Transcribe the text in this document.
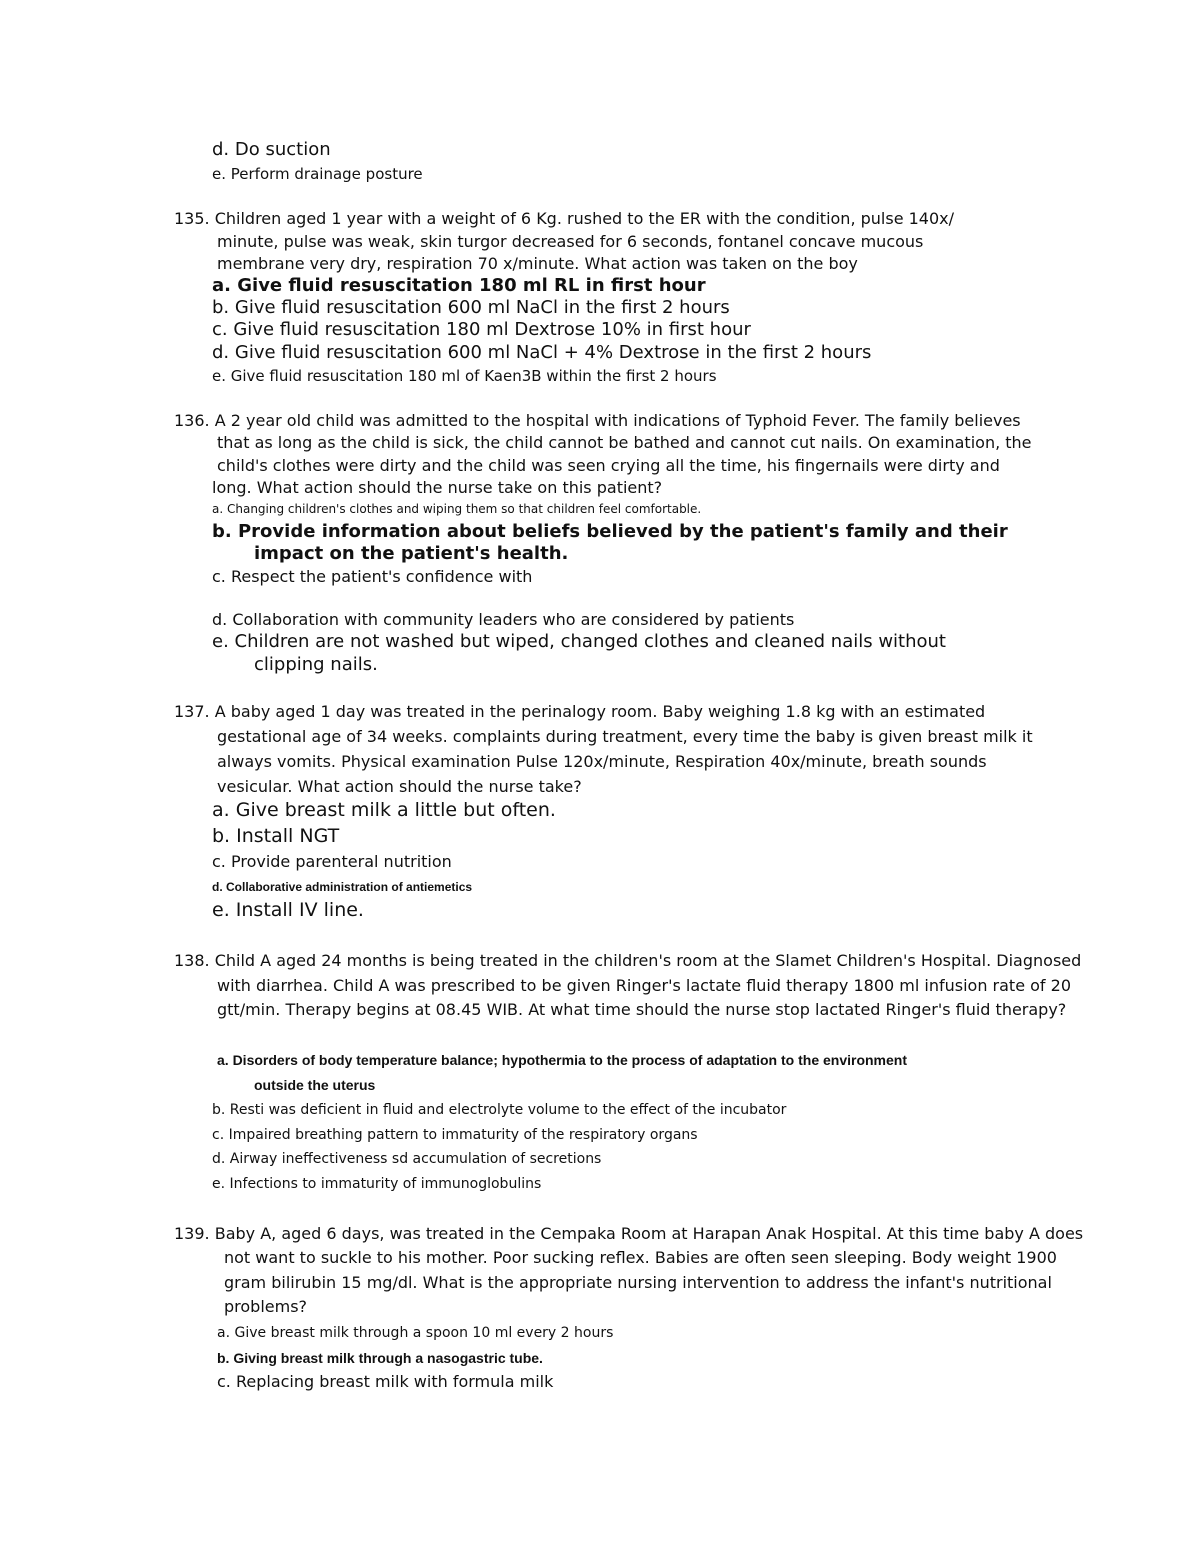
d. Do suction
e. Perform drainage posture
135. Children aged 1 year with a weight of 6 Kg. rushed to the ER with the condition, pulse 140x/
minute, pulse was weak, skin turgor decreased for 6 seconds, fontanel concave mucous
membrane very dry, respiration 70 x/minute. What action was taken on the boy
a. Give fluid resuscitation 180 ml RL in first hour
b. Give fluid resuscitation 600 ml NaCl in the first 2 hours
c. Give fluid resuscitation 180 ml Dextrose 10% in first hour
d. Give fluid resuscitation 600 ml NaCl + 4% Dextrose in the first 2 hours
e. Give fluid resuscitation 180 ml of Kaen3B within the first 2 hours
136. A 2 year old child was admitted to the hospital with indications of Typhoid Fever. The family believes
that as long as the child is sick, the child cannot be bathed and cannot cut nails. On examination, the
child's clothes were dirty and the child was seen crying all the time, his fingernails were dirty and
long. What action should the nurse take on this patient?
a. Changing children's clothes and wiping them so that children feel comfortable.
b. Provide information about beliefs believed by the patient's family and their
impact on the patient's health.
c. Respect the patient's confidence with
d. Collaboration with community leaders who are considered by patients
e. Children are not washed but wiped, changed clothes and cleaned nails without
clipping nails.
137. A baby aged 1 day was treated in the perinalogy room. Baby weighing 1.8 kg with an estimated
gestational age of 34 weeks. complaints during treatment, every time the baby is given breast milk it
always vomits. Physical examination Pulse 120x/minute, Respiration 40x/minute, breath sounds
vesicular. What action should the nurse take?
a. Give breast milk a little but often.
b. Install NGT
c. Provide parenteral nutrition
d. Collaborative administration of antiemetics
e. Install IV line.
138. Child A aged 24 months is being treated in the children's room at the Slamet Children's Hospital. Diagnosed
with diarrhea. Child A was prescribed to be given Ringer's lactate fluid therapy 1800 ml infusion rate of 20
gtt/min. Therapy begins at 08.45 WIB. At what time should the nurse stop lactated Ringer's fluid therapy?
a. Disorders of body temperature balance; hypothermia to the process of adaptation to the environment
outside the uterus
b. Resti was deficient in fluid and electrolyte volume to the effect of the incubator
c. Impaired breathing pattern to immaturity of the respiratory organs
d. Airway ineffectiveness sd accumulation of secretions
e. Infections to immaturity of immunoglobulins
139. Baby A, aged 6 days, was treated in the Cempaka Room at Harapan Anak Hospital. At this time baby A does
not want to suckle to his mother. Poor sucking reflex. Babies are often seen sleeping. Body weight 1900
gram bilirubin 15 mg/dl. What is the appropriate nursing intervention to address the infant's nutritional
problems?
a. Give breast milk through a spoon 10 ml every 2 hours
b. Giving breast milk through a nasogastric tube.
c. Replacing breast milk with formula milk
